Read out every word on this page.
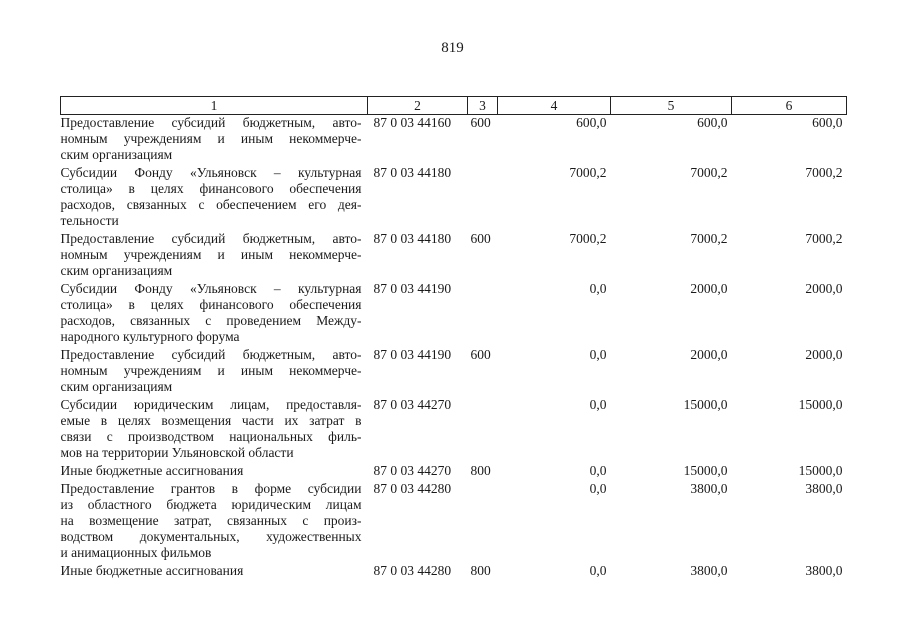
819
1	2	3	4	5	6

Предоставление субсидий бюджетным, авто-
номным учреждениям и иным некоммерче-
ским организациям	87 0 03 44160	600	600,0	600,0	600,0

Субсидии Фонду «Ульяновск – культурная
столица» в целях финансового обеспечения
расходов, связанных с обеспечением его дея-
тельности	87 0 03 44180		7000,2	7000,2	7000,2

Предоставление субсидий бюджетным, авто-
номным учреждениям и иным некоммерче-
ским организациям	87 0 03 44180	600	7000,2	7000,2	7000,2

Субсидии Фонду «Ульяновск – культурная
столица» в целях финансового обеспечения
расходов, связанных с проведением Между-
народного культурного форума	87 0 03 44190		0,0	2000,0	2000,0

Предоставление субсидий бюджетным, авто-
номным учреждениям и иным некоммерче-
ским организациям	87 0 03 44190	600	0,0	2000,0	2000,0

Субсидии юридическим лицам, предоставля-
емые в целях возмещения части их затрат в
связи с производством национальных филь-
мов на территории Ульяновской области	87 0 03 44270		0,0	15000,0	15000,0

Иные бюджетные ассигнования	87 0 03 44270	800	0,0	15000,0	15000,0

Предоставление грантов в форме субсидии
из областного бюджета юридическим лицам
на возмещение затрат, связанных с произ-
водством документальных, художественных
и анимационных фильмов	87 0 03 44280		0,0	3800,0	3800,0

Иные бюджетные ассигнования	87 0 03 44280	800	0,0	3800,0	3800,0
